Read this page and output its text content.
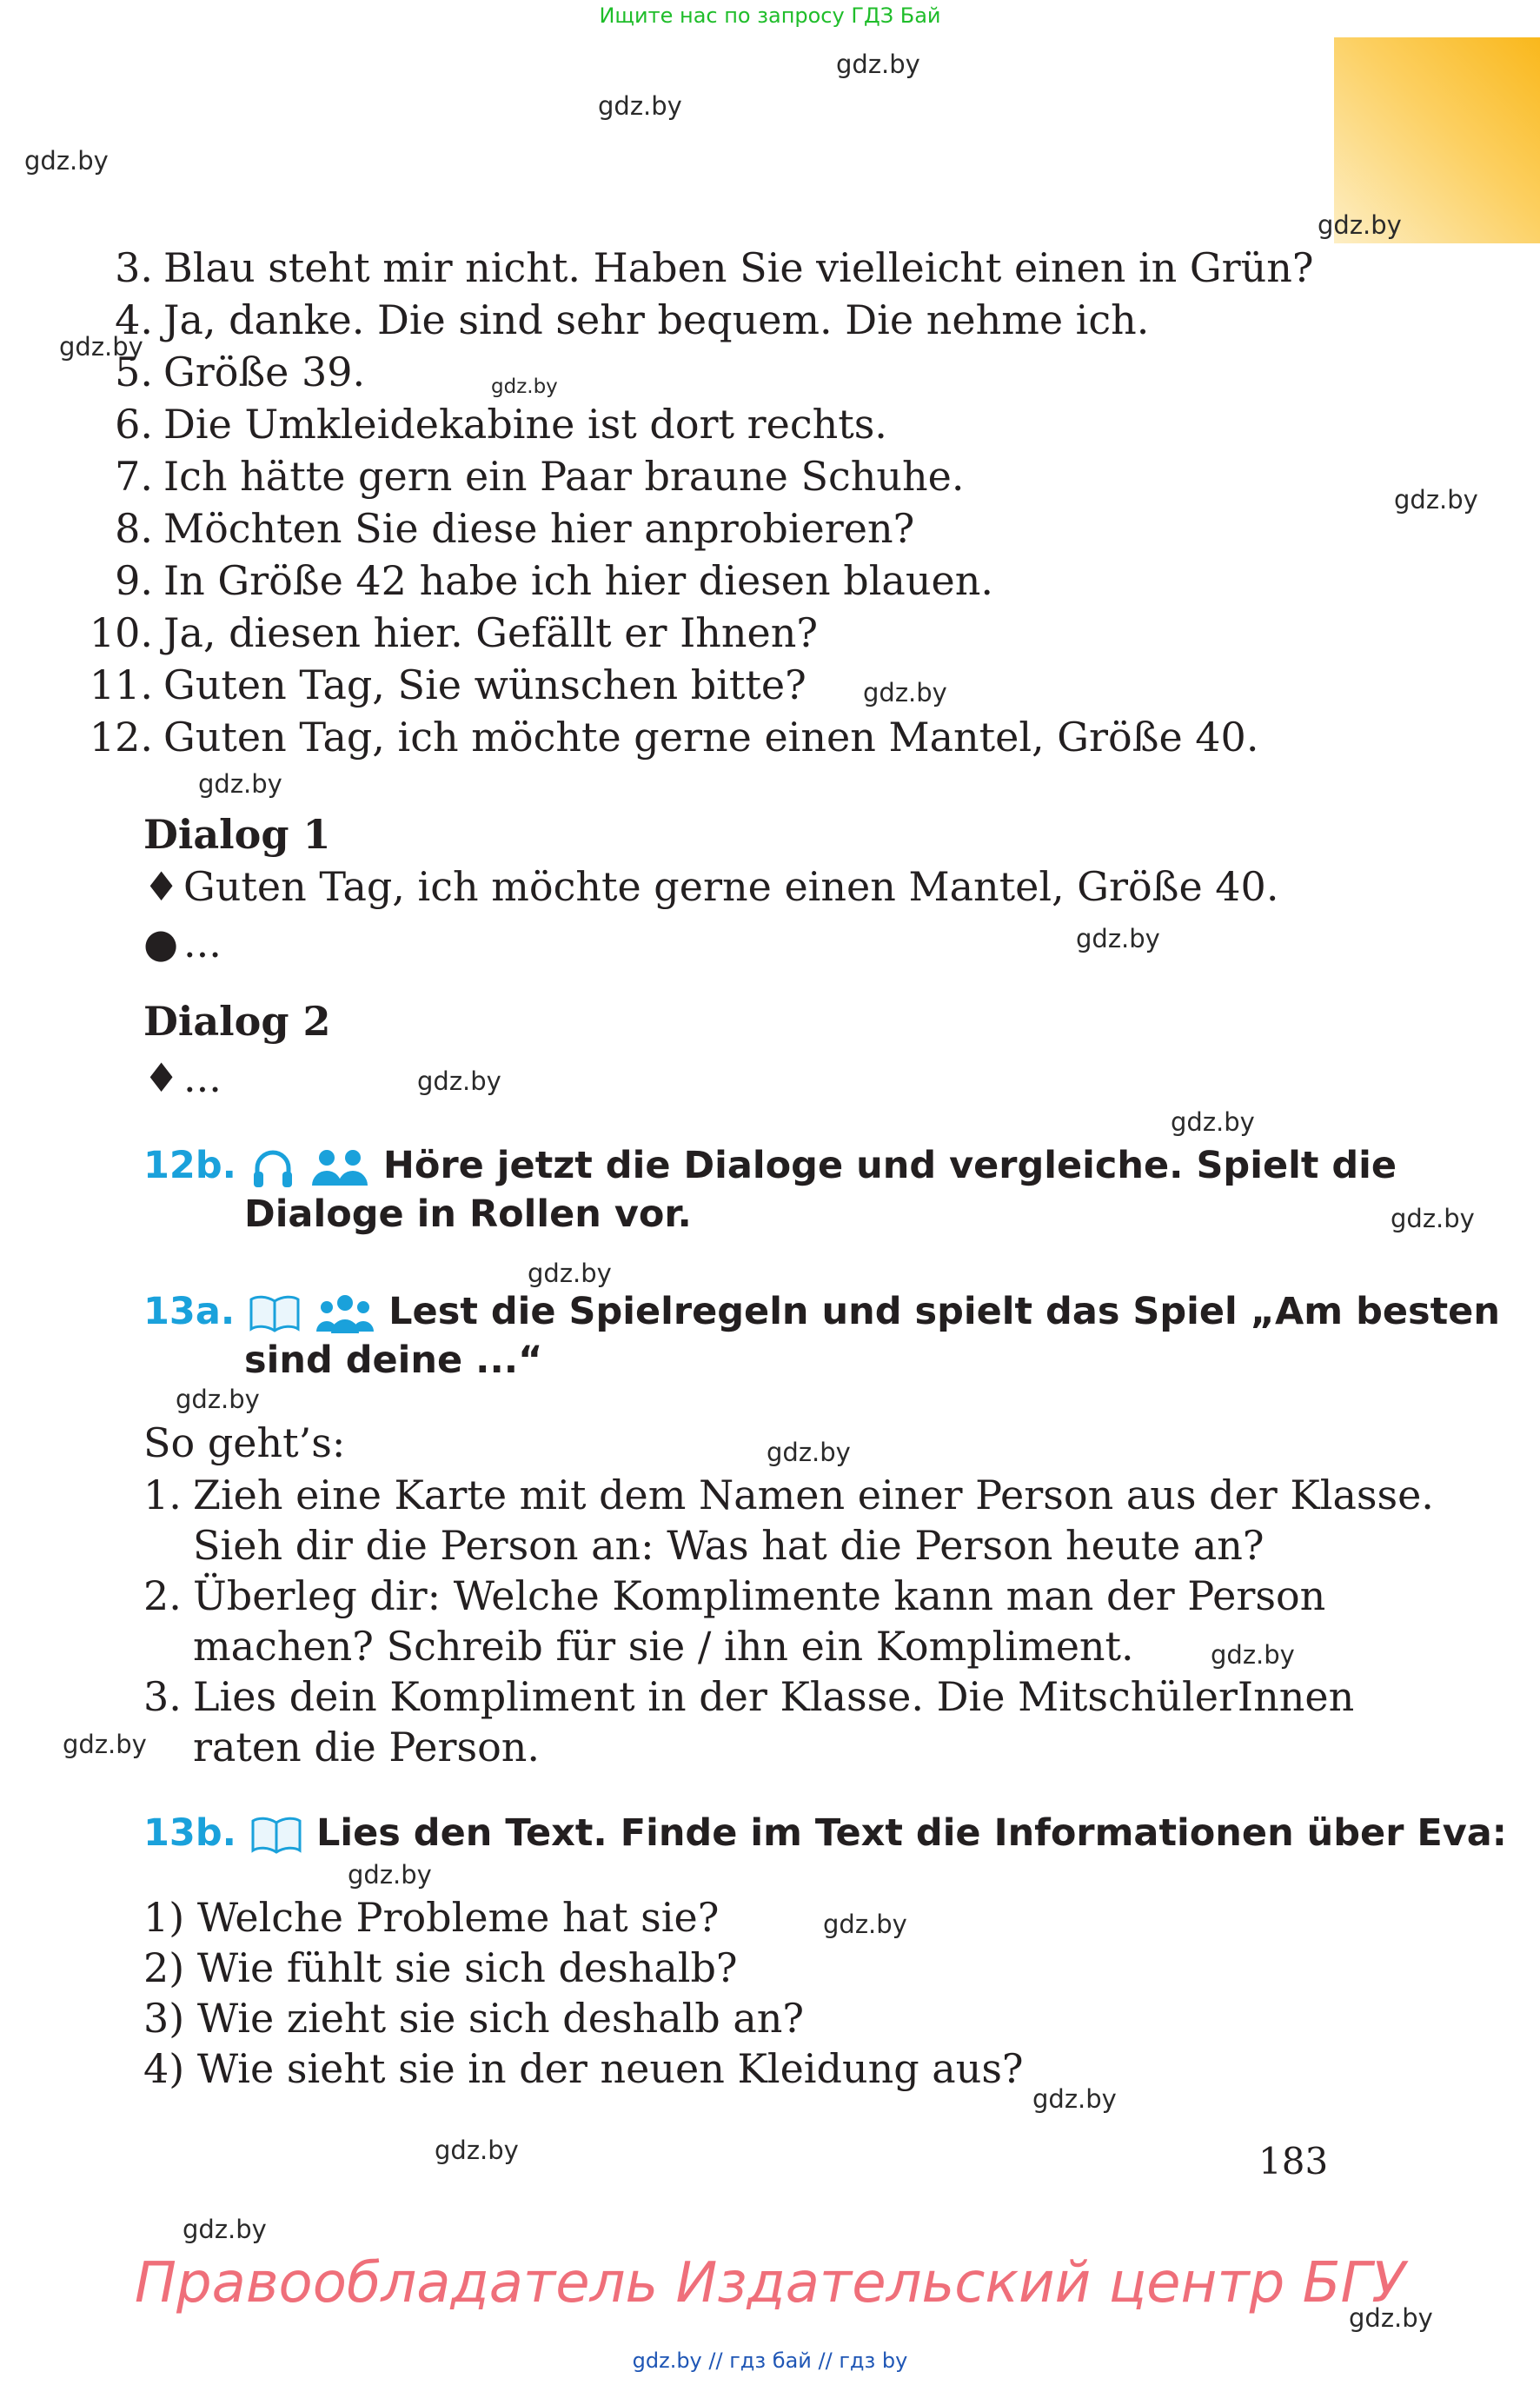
Ищите нас по запросу ГДЗ Бай
gdz.by
gdz.by
gdz.by
gdz.by
gdz.by
gdz.by
gdz.by
gdz.by
gdz.by
gdz.by
gdz.by
gdz.by
gdz.by
gdz.by
gdz.by
gdz.by
gdz.by
gdz.by
gdz.by
gdz.by
gdz.by
gdz.by
gdz.by
gdz.by
3. Blau steht mir nicht. Haben Sie vielleicht einen in Grün?
4. Ja, danke. Die sind sehr bequem. Die nehme ich.
5. Größe 39.
6. Die Umkleidekabine ist dort rechts.
7. Ich hätte gern ein Paar braune Schuhe.
8. Möchten Sie diese hier anprobieren?
9. In Größe 42 habe ich hier diesen blauen.
10. Ja, diesen hier. Gefällt er Ihnen?
11. Guten Tag, Sie wünschen bitte?
12. Guten Tag, ich möchte gerne einen Mantel, Größe 40.
Dialog 1
♦ Guten Tag, ich möchte gerne einen Mantel, Größe 40.
● ...
Dialog 2
♦ ...
12b.	Höre jetzt die Dialoge und vergleiche. Spielt die
Dialoge in Rollen vor.
13a.	Lest die Spielregeln und spielt das Spiel „Am besten
sind deine ...“
So geht’s:
1. Zieh eine Karte mit dem Namen einer Person aus der Klasse.
Sieh dir die Person an: Was hat die Person heute an?
2. Überleg dir: Welche Komplimente kann man der Person
machen? Schreib für sie / ihn ein Kompliment.
3. Lies dein Kompliment in der Klasse. Die MitschülerInnen
raten die Person.
13b. Lies den Text. Finde im Text die Informationen über Eva:
1) Welche Probleme hat sie?
2) Wie fühlt sie sich deshalb?
3) Wie zieht sie sich deshalb an?
4) Wie sieht sie in der neuen Kleidung aus?
183
Правообладатель Издательский центр БГУ
gdz.by // гдз бай // гдз by
